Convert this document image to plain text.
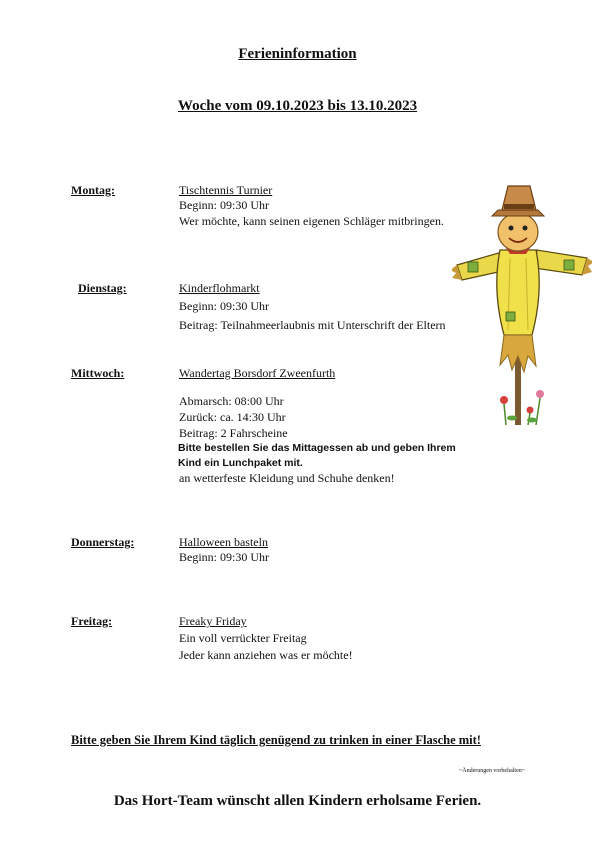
Ferieninformation
Woche vom 09.10.2023 bis 13.10.2023
Montag:	Tischtennis Turnier
Beginn: 09:30 Uhr
Wer möchte, kann seinen eigenen Schläger mitbringen.
Dienstag:	Kinderflohmarkt
Beginn: 09:30 Uhr
Beitrag: Teilnahmeerlaubnis mit Unterschrift der Eltern
Mittwoch:	Wandertag Borsdorf Zweenfurth
Abmarsch: 08:00 Uhr
Zurück: ca. 14:30 Uhr
Beitrag: 2 Fahrscheine
Bitte bestellen Sie das Mittagessen ab und geben Ihrem
Kind ein Lunchpaket mit.
an wetterfeste Kleidung und Schuhe denken!
Donnerstag:	Halloween basteln
Beginn: 09:30 Uhr
Freitag:	Freaky Friday
Ein voll verrückter Freitag
Jeder kann anziehen was er möchte!
Bitte geben Sie Ihrem Kind täglich genügend zu trinken in einer Flasche mit!
~Änderungen vorbehalten~
Das Hort-Team wünscht allen Kindern erholsame Ferien.
